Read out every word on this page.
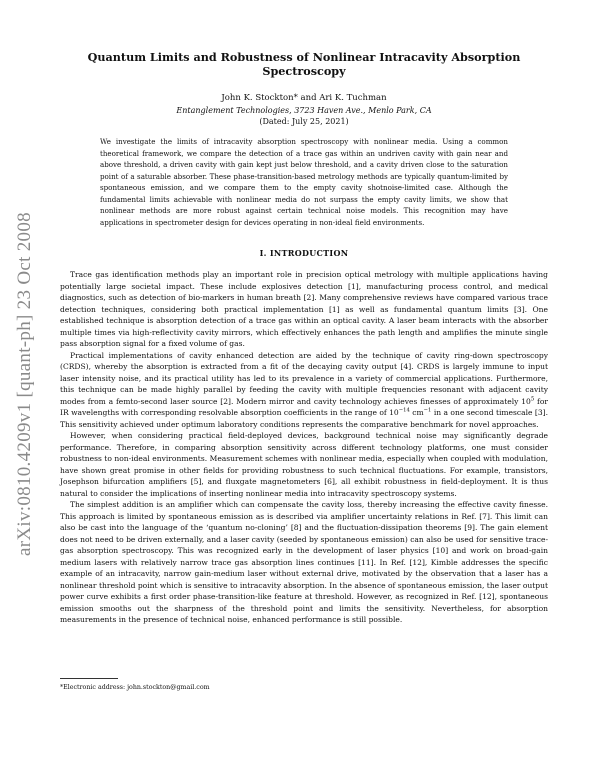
arXiv:0810.4209v1 [quant-ph] 23 Oct 2008
Quantum Limits and Robustness of Nonlinear Intracavity Absorption Spectroscopy

John K. Stockton* and Ari K. Tuchman

Entanglement Technologies, 3723 Haven Ave., Menlo Park, CA

(Dated: July 25, 2021)

We investigate the limits of intracavity absorption spectroscopy with nonlinear media. Using a common theoretical framework, we compare the detection of a trace gas within an undriven cavity with gain near and above threshold, a driven cavity with gain kept just below threshold, and a cavity driven close to the saturation point of a saturable absorber. These phase-transition-based metrology methods are typically quantum-limited by spontaneous emission, and we compare them to the empty cavity shotnoise-limited case. Although the fundamental limits achievable with nonlinear media do not surpass the empty cavity limits, we show that nonlinear methods are more robust against certain technical noise models. This recognition may have applications in spectrometer design for devices operating in non-ideal field environments.

I. INTRODUCTION

Trace gas identification methods play an important role in precision optical metrology with multiple applications having potentially large societal impact. These include explosives detection [1], manufacturing process control, and medical diagnostics, such as detection of bio-markers in human breath [2]. Many comprehensive reviews have compared various trace detection techniques, considering both practical implementation [1] as well as fundamental quantum limits [3]. One established technique is absorption detection of a trace gas within an optical cavity. A laser beam interacts with the absorber multiple times via high-reflectivity cavity mirrors, which effectively enhances the path length and amplifies the minute single pass absorption signal for a fixed volume of gas.

Practical implementations of cavity enhanced detection are aided by the technique of cavity ring-down spectroscopy (CRDS), whereby the absorption is extracted from a fit of the decaying cavity output [4]. CRDS is largely immune to input laser intensity noise, and its practical utility has led to its prevalence in a variety of commercial applications. Furthermore, this technique can be made highly parallel by feeding the cavity with multiple frequencies resonant with adjacent cavity modes from a femto-second laser source [2]. Modern mirror and cavity technology achieves finesses of approximately $10^5$ for IR wavelengths with corresponding resolvable absorption coefficients in the range of $10^{-14}$ $cm^{-1}$ in a one second timescale [3]. This sensitivity achieved under optimum laboratory conditions represents the comparative benchmark for novel approaches.

However, when considering practical field-deployed devices, background technical noise may significantly degrade performance. Therefore, in comparing absorption sensitivity across different technology platforms, one must consider robustness to non-ideal environments. Measurement schemes with nonlinear media, especially when coupled with modulation, have shown great promise in other fields for providing robustness to such technical fluctuations. For example, transistors, Josephson bifurcation amplifiers [5], and fluxgate magnetometers [6], all exhibit robustness in field-deployment. It is thus natural to consider the implications of inserting nonlinear media into intracavity spectroscopy systems.

The simplest addition is an amplifier which can compensate the cavity loss, thereby increasing the effective cavity finesse. This approach is limited by spontaneous emission as is described via amplifier uncertainty relations in Ref. [7]. This limit can also be cast into the language of the ‘quantum no-cloning’ [8] and the fluctuation-dissipation theorems [9]. The gain element does not need to be driven externally, and a laser cavity (seeded by spontaneous emission) can also be used for sensitive trace-gas absorption spectroscopy. This was recognized early in the development of laser physics [10] and work on broad-gain medium lasers with relatively narrow trace gas absorption lines continues [11]. In Ref. [12], Kimble addresses the specific example of an intracavity, narrow gain-medium laser without external drive, motivated by the observation that a laser has a nonlinear threshold point which is sensitive to intracavity absorption. In the absence of spontaneous emission, the laser output power curve exhibits a first order phase-transition-like feature at threshold. However, as recognized in Ref. [12], spontaneous emission smooths out the sharpness of the threshold point and limits the sensitivity. Nevertheless, for absorption measurements in the presence of technical noise, enhanced performance is still possible.

*Electronic address: john.stockton@gmail.com
